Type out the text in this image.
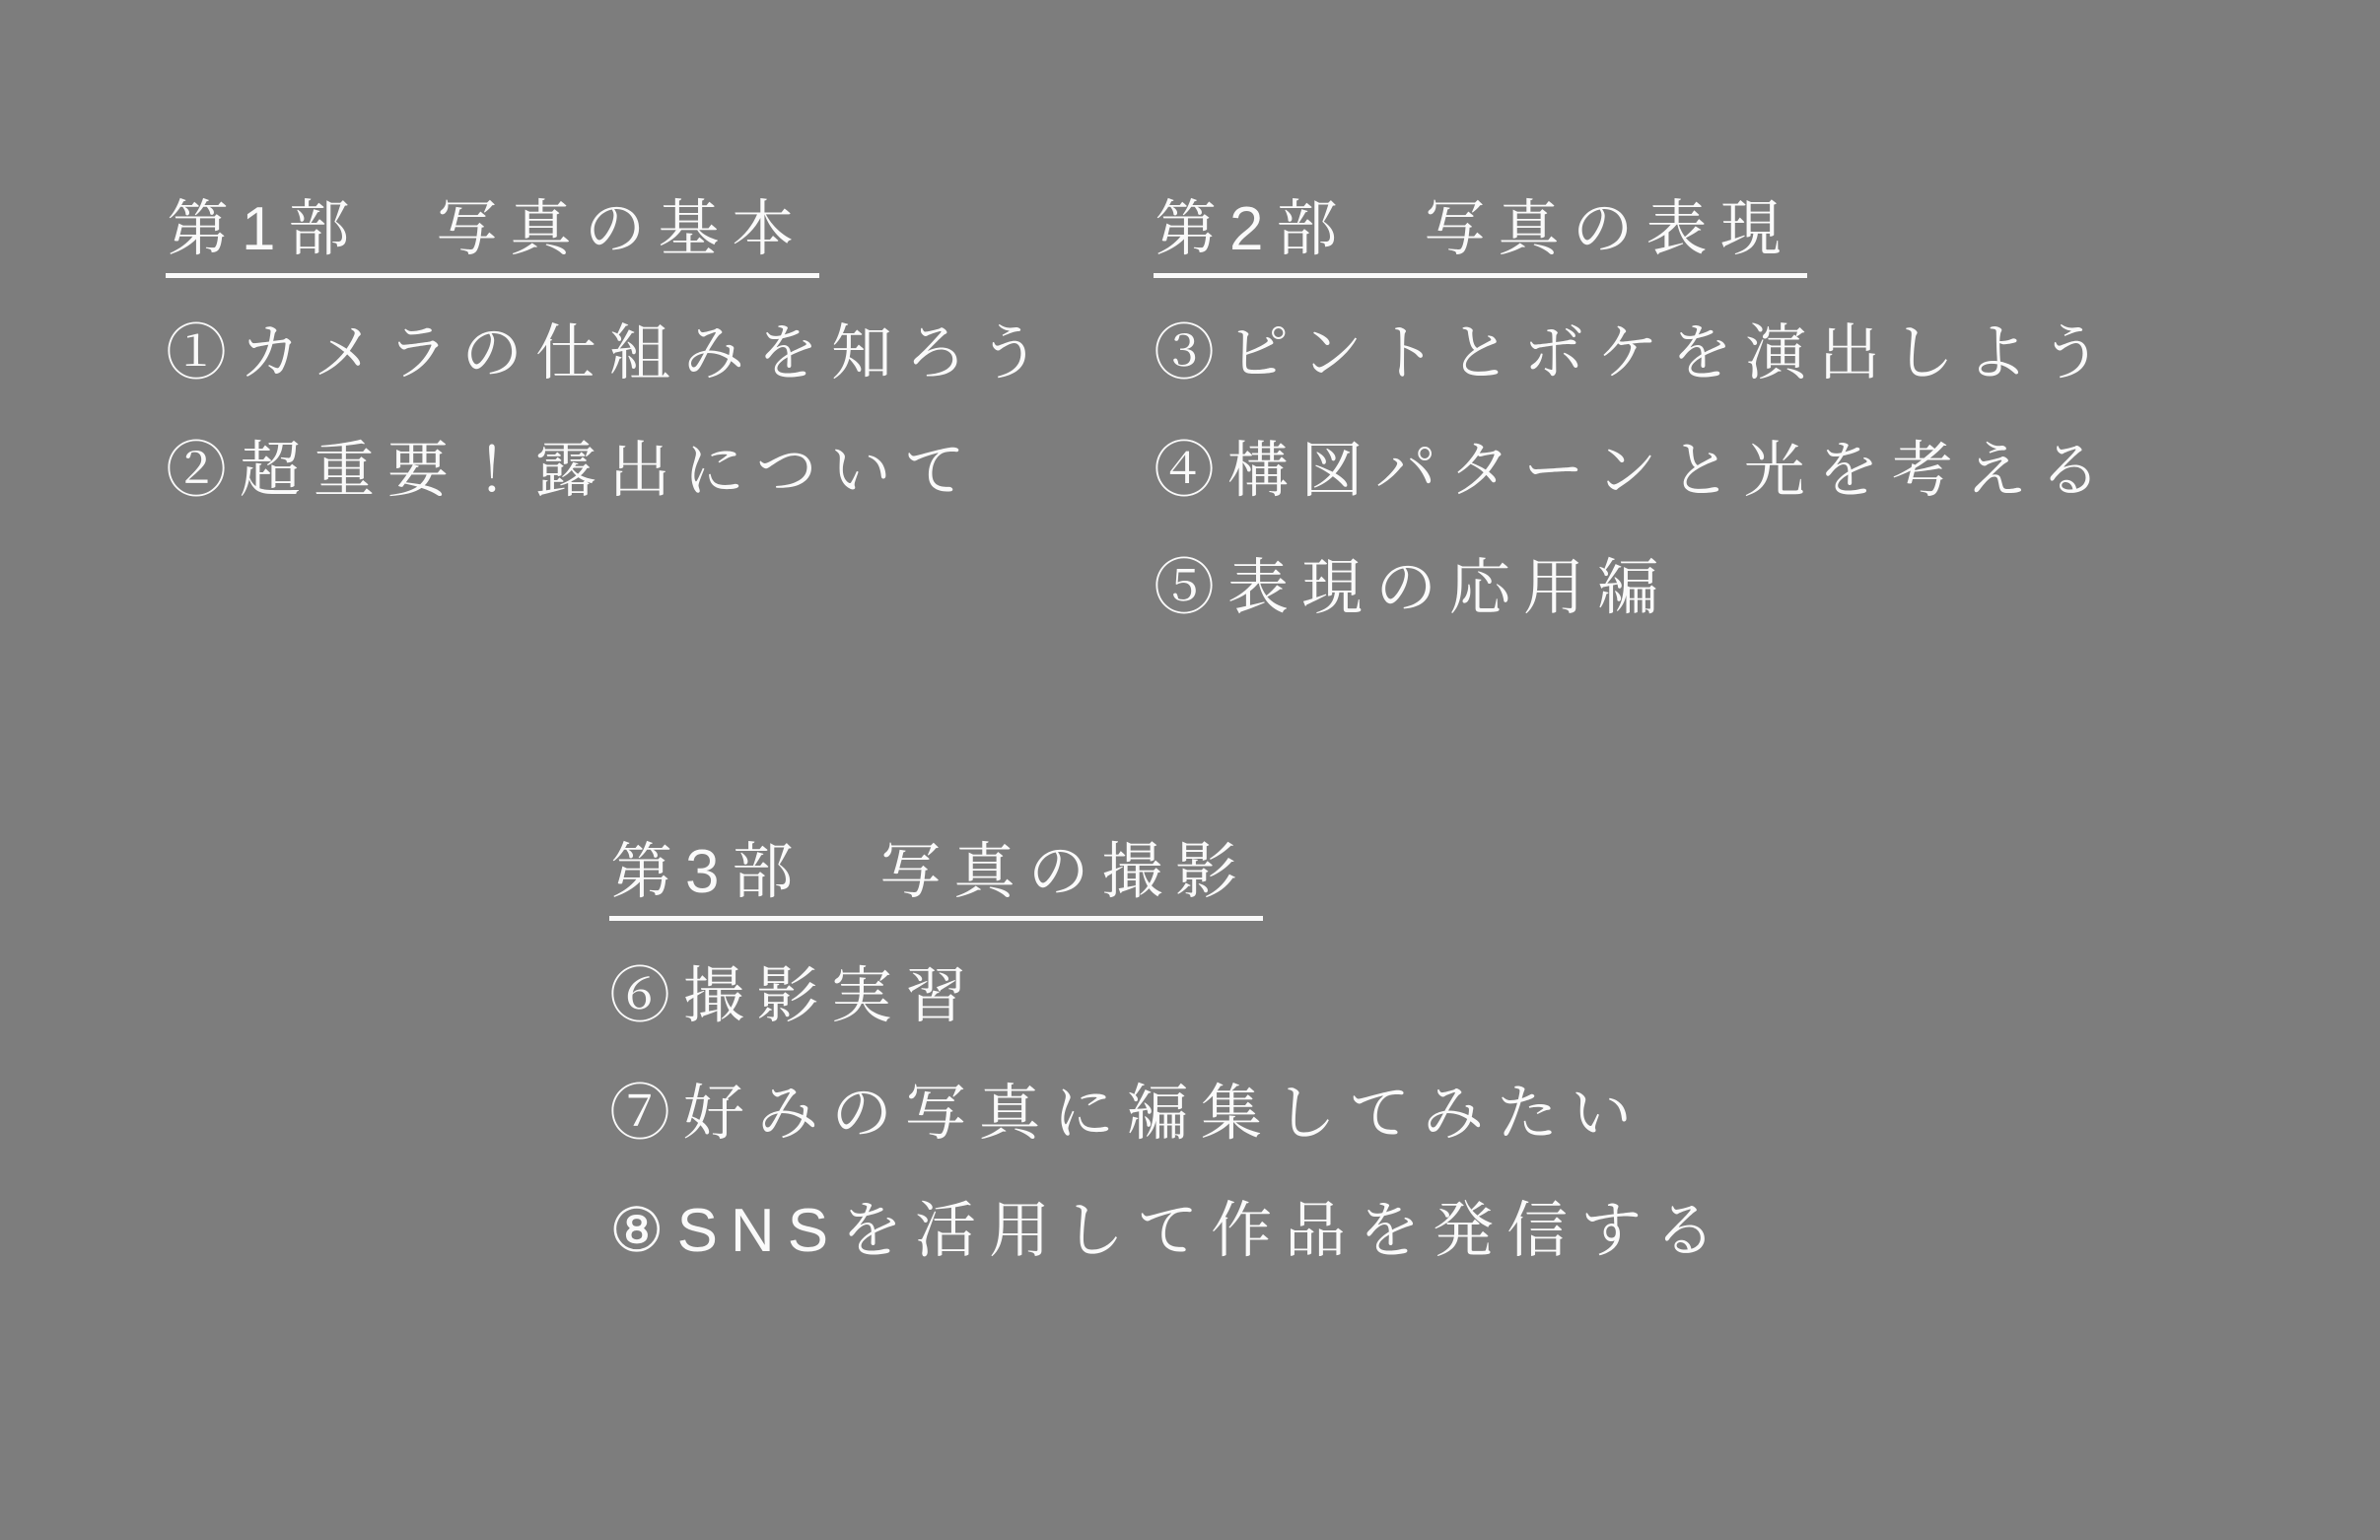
第1部　写真の基本
①カメラの仕組みを知ろう
②超重要！露出について
第2部　写真の表現
③ピントとボケを演出しよう
④構図パターンと光を考える
⑤表現の応用編
第3部　写真の撮影
⑥撮影実習
⑦好みの写真に編集してみたい
⑧SNSを活用して作品を発信する
